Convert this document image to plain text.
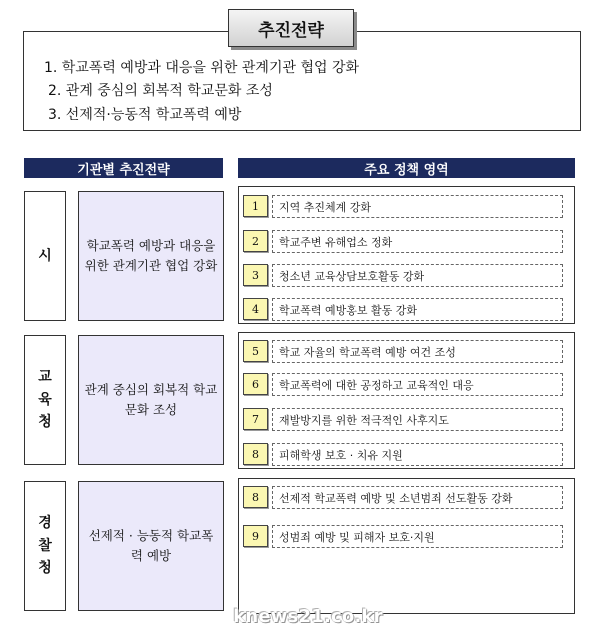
추진전략
1. 학교폭력 예방과 대응을 위한 관계기관 협업 강화
2. 관계 중심의 회복적 학교문화 조성
3. 선제적·능동적 학교폭력 예방
기관별 추진전략	주요 정책 영역
시
학교폭력 예방과 대응을 위한 관계기관 협업 강화
1	지역 추진체계 강화
2	학교주변 유해업소 정화
3	청소년 교육상담보호활동 강화
4	학교폭력 예방홍보 활동 강화
교육청
관계 중심의 회복적 학교문화 조성
5	학교 자율의 학교폭력 예방 여건 조성
6	학교폭력에 대한 공정하고 교육적인 대응
7	재발방지를 위한 적극적인 사후지도
8	피해학생 보호 · 치유 지원
경찰청
선제적 · 능동적 학교폭력 예방
8	선제적 학교폭력 예방 및 소년범죄 선도활동 강화
9	성범죄 예방 및 피해자 보호·지원
knews21.co.kr
